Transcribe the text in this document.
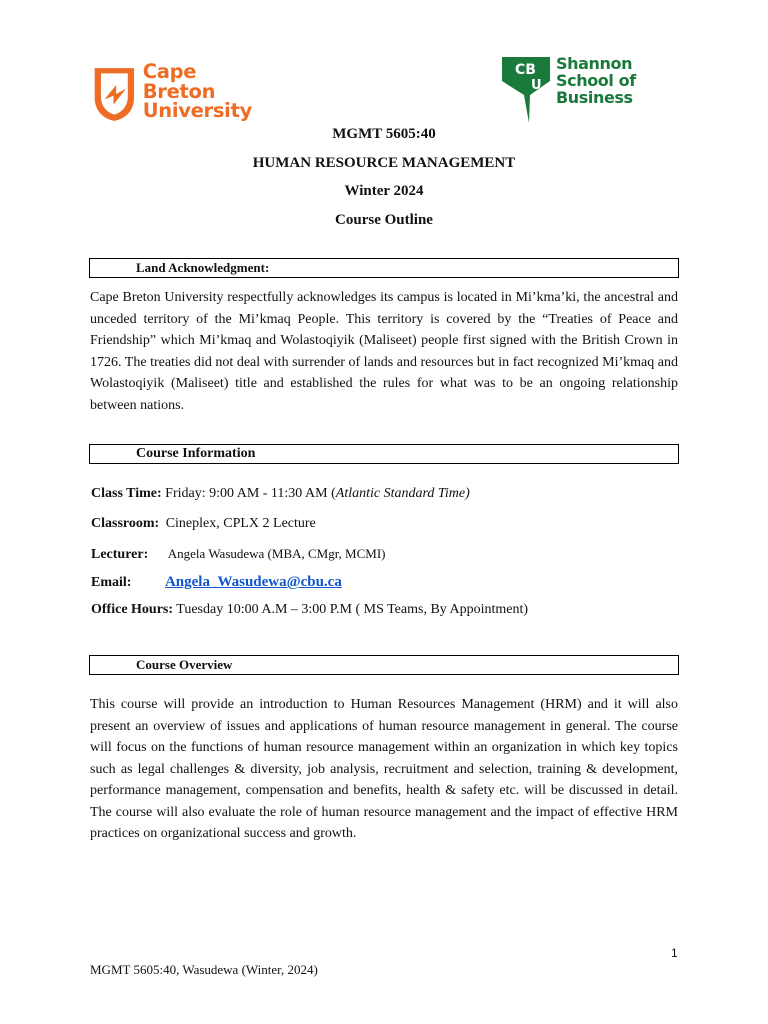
Cape
Breton
University
CB
U
Shannon
School of
Business
MGMT 5605:40
HUMAN RESOURCE MANAGEMENT
Winter 2024
Course Outline
Land Acknowledgment:
Cape Breton University respectfully acknowledges its campus is located in Mi’kma’ki, the ancestral and unceded territory of the Mi’kmaq People. This territory is covered by the “Treaties of Peace and Friendship” which Mi’kmaq and Wolastoqiyik (Maliseet) people first signed with the British Crown in 1726. The treaties did not deal with surrender of lands and resources but in fact recognized Mi’kmaq and Wolastoqiyik (Maliseet) title and established the rules for what was to be an ongoing relationship between nations.
Course Information
Class Time: Friday: 9:00 AM - 11:30 AM (Atlantic Standard Time)
Classroom: Cineplex, CPLX 2 Lecture
Lecturer: Angela Wasudewa (MBA, CMgr, MCMI)
Email: Angela_Wasudewa@cbu.ca
Office Hours: Tuesday 10:00 A.M – 3:00 P.M ( MS Teams, By Appointment)
Course Overview
This course will provide an introduction to Human Resources Management (HRM) and it will also present an overview of issues and applications of human resource management in general. The course will focus on the functions of human resource management within an organization in which key topics such as legal challenges & diversity, job analysis, recruitment and selection, training & development, performance management, compensation and benefits, health & safety etc. will be discussed in detail. The course will also evaluate the role of human resource management and the impact of effective HRM practices on organizational success and growth.
1
MGMT 5605:40, Wasudewa (Winter, 2024)
